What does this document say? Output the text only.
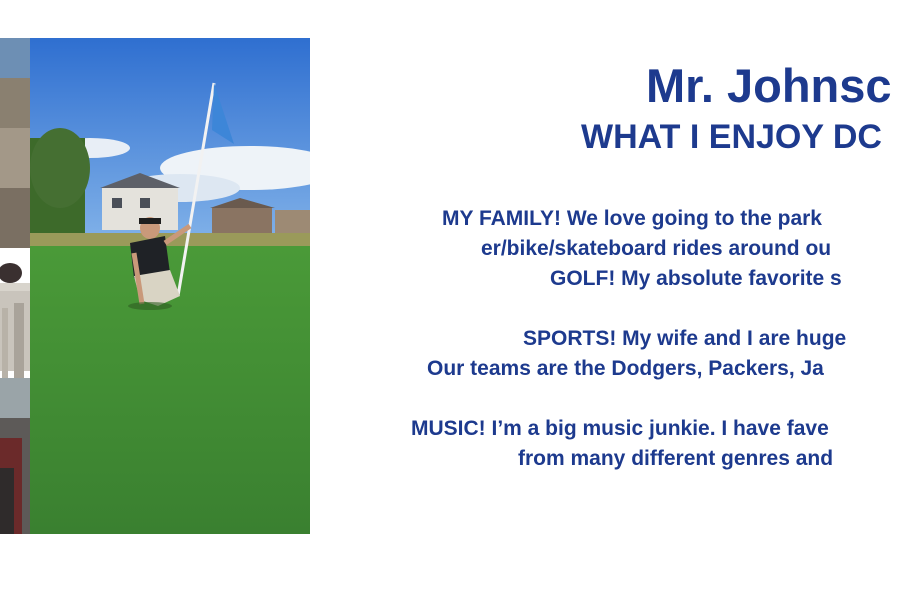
Mr. Johnsc
WHAT I ENJOY DC
MY FAMILY! We love going to the park
er/bike/skateboard rides around ou
GOLF! My absolute favorite s
SPORTS! My wife and I are huge
Our teams are the Dodgers, Packers, Ja
MUSIC! I’m a big music junkie. I have fave
from many different genres and
